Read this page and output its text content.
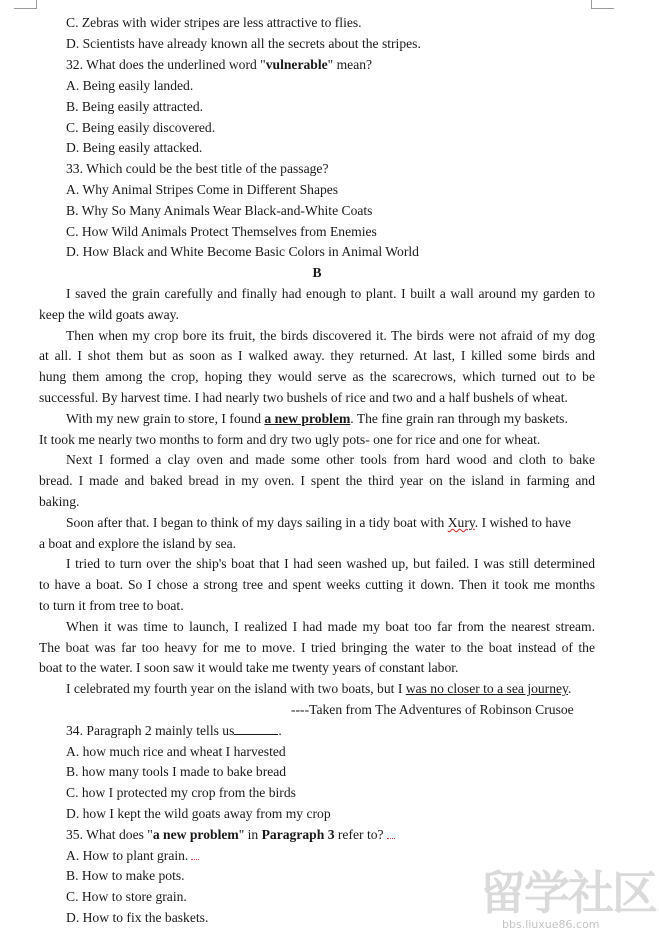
C. Zebras with wider stripes are less attractive to flies.
D. Scientists have already known all the secrets about the stripes.
32. What does the underlined word "vulnerable" mean?
A. Being easily landed.
B. Being easily attracted.
C. Being easily discovered.
D. Being easily attacked.
33. Which could be the best title of the passage?
A. Why Animal Stripes Come in Different Shapes
B. Why So Many Animals Wear Black-and-White Coats
C. How Wild Animals Protect Themselves from Enemies
D. How Black and White Become Basic Colors in Animal World
B
I saved the grain carefully and finally had enough to plant. I built a wall around my garden to
keep the wild goats away.
Then when my crop bore its fruit, the birds discovered it. The birds were not afraid of my dog
at all. I shot them but as soon as I walked away. they returned. At last, I killed some birds and
hung them among the crop, hoping they would serve as the scarecrows, which turned out to be
successful. By harvest time. I had nearly two bushels of rice and two and a half bushels of wheat.
With my new grain to store, I found a new problem. The fine grain ran through my baskets.
It took me nearly two months to form and dry two ugly pots- one for rice and one for wheat.
Next I formed a clay oven and made some other tools from hard wood and cloth to bake
bread. I made and baked bread in my oven. I spent the third year on the island in farming and
baking.
Soon after that. I began to think of my days sailing in a tidy boat with Xury. I wished to have
a boat and explore the island by sea.
I tried to turn over the ship's boat that I had seen washed up, but failed. I was still determined
to have a boat. So I chose a strong tree and spent weeks cutting it down. Then it took me months
to turn it from tree to boat.
When it was time to launch, I realized I had made my boat too far from the nearest stream.
The boat was far too heavy for me to move. I tried bringing the water to the boat instead of the
boat to the water. I soon saw it would take me twenty years of constant labor.
I celebrated my fourth year on the island with two boats, but I was no closer to a sea journey.
----Taken from The Adventures of Robinson Crusoe
34. Paragraph 2 mainly tells us	.
A. how much rice and wheat I harvested
B. how many tools I made to bake bread
C. how I protected my crop from the birds
D. how I kept the wild goats away from my crop
35. What does "a new problem" in Paragraph 3 refer to?
A. How to plant grain.
B. How to make pots.
C. How to store grain.
D. How to fix the baskets.	留学社区
bbs.liuxue86.com
